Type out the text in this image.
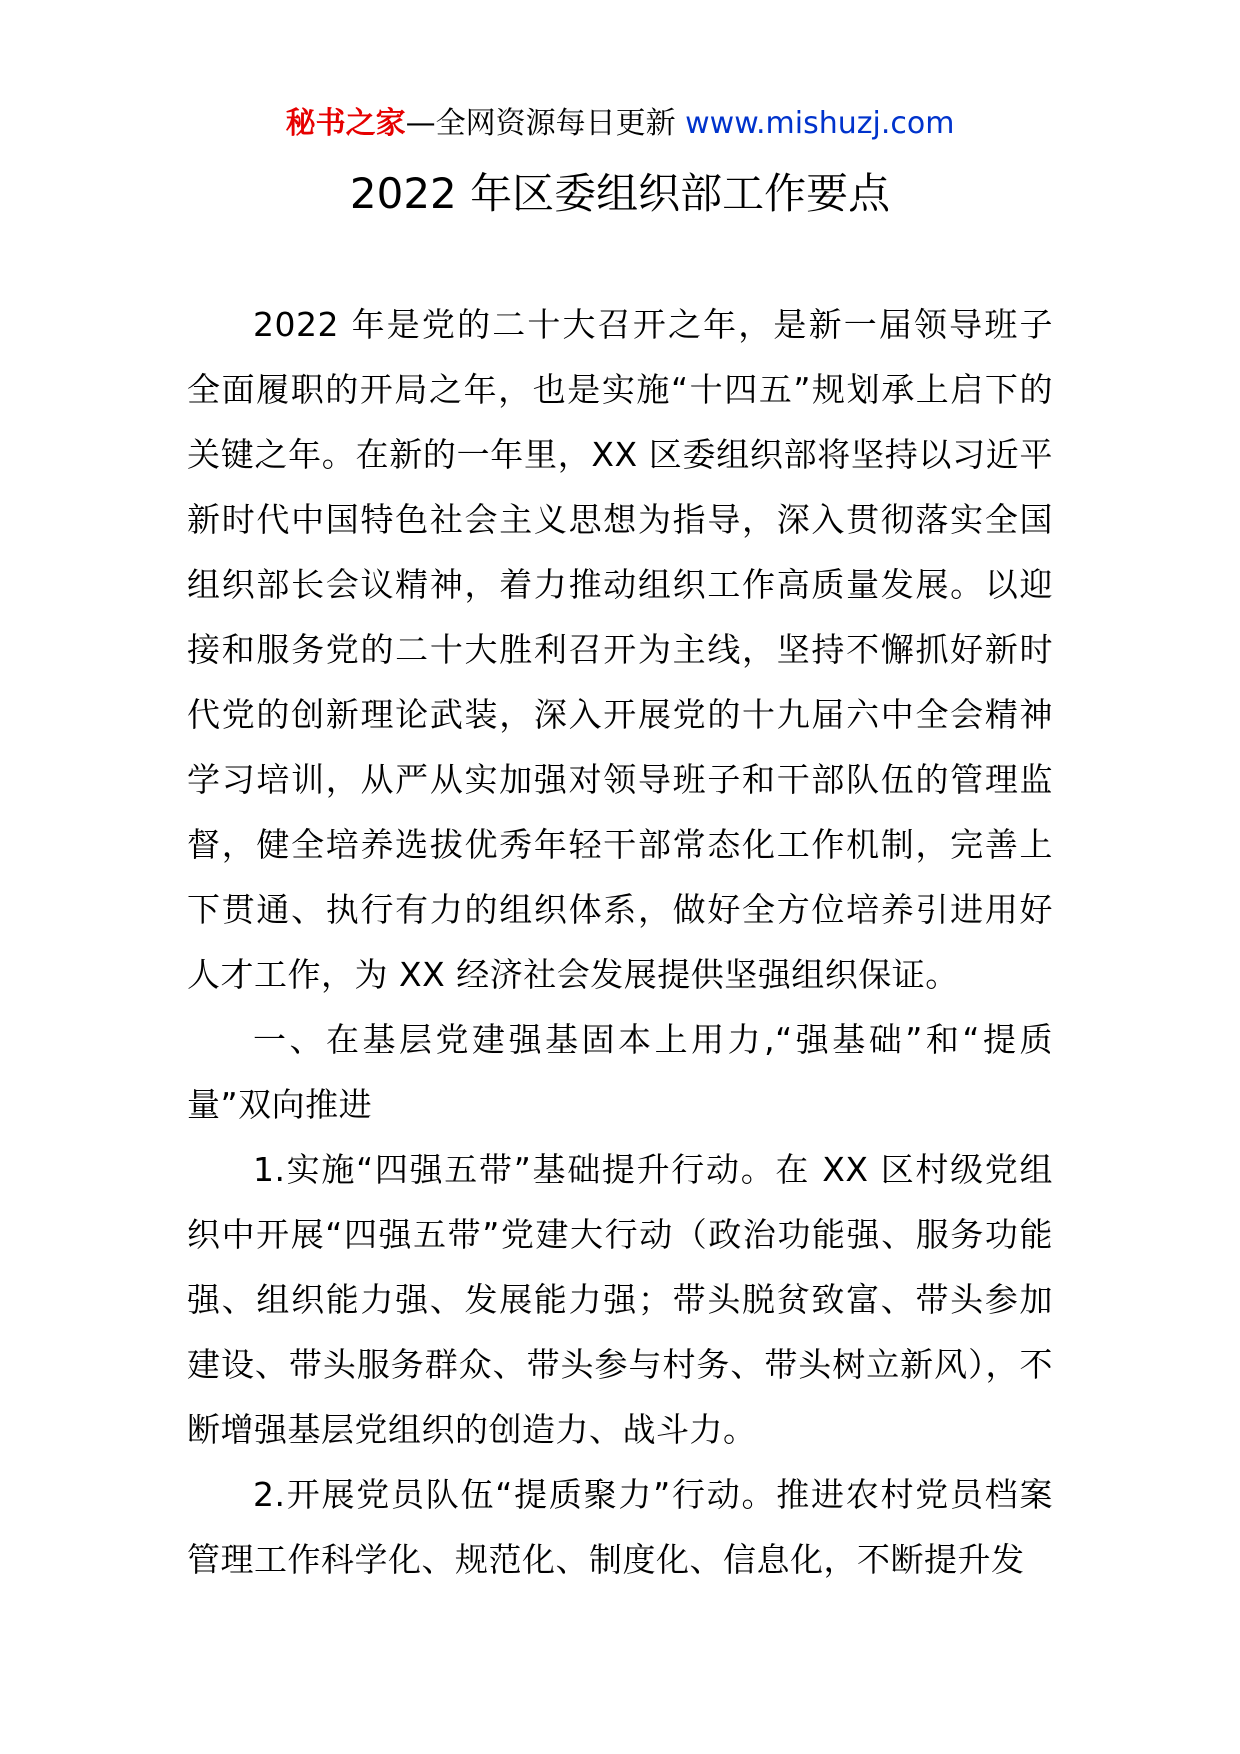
秘书之家—全网资源每日更新 www.mishuzj.com
2022 年区委组织部工作要点

2022 年是党的二十大召开之年，是新一届领导班子全面履职的开局之年，也是实施“十四五”规划承上启下的关键之年。在新的一年里，XX 区委组织部将坚持以习近平新时代中国特色社会主义思想为指导，深入贯彻落实全国组织部长会议精神，着力推动组织工作高质量发展。以迎接和服务党的二十大胜利召开为主线，坚持不懈抓好新时代党的创新理论武装，深入开展党的十九届六中全会精神学习培训，从严从实加强对领导班子和干部队伍的管理监督，健全培养选拔优秀年轻干部常态化工作机制，完善上下贯通、执行有力的组织体系，做好全方位培养引进用好人才工作，为 XX 经济社会发展提供坚强组织保证。

一、在基层党建强基固本上用力,“强基础”和“提质量”双向推进

1.实施“四强五带”基础提升行动。在 XX 区村级党组织中开展“四强五带”党建大行动（政治功能强、服务功能强、组织能力强、发展能力强；带头脱贫致富、带头参加建设、带头服务群众、带头参与村务、带头树立新风），不断增强基层党组织的创造力、战斗力。

2.开展党员队伍“提质聚力”行动。推进农村党员档案管理工作科学化、规范化、制度化、信息化，不断提升发
